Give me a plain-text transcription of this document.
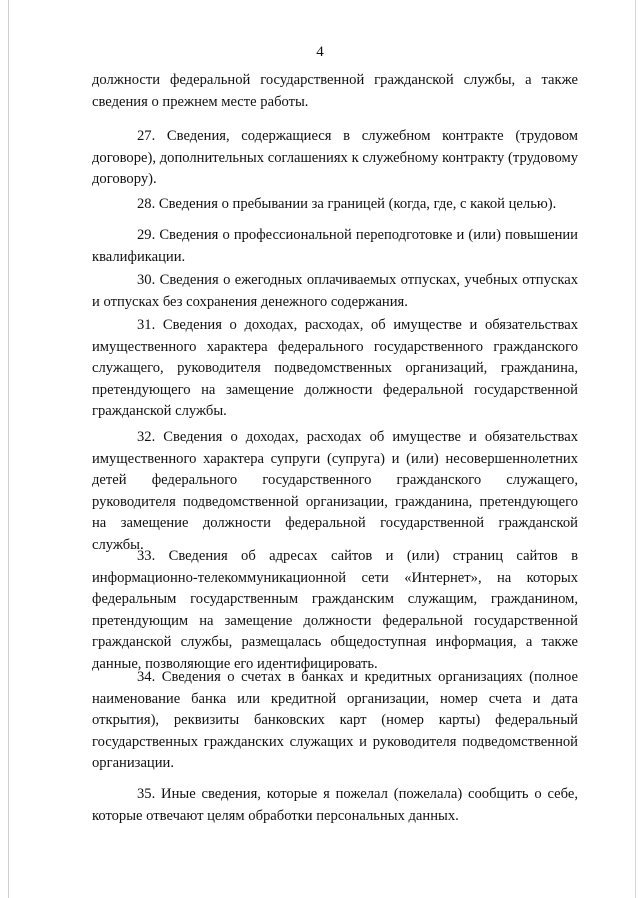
4

должности федеральной государственной гражданской службы, а также сведения о прежнем месте работы.

27. Сведения, содержащиеся в служебном контракте (трудовом договоре), дополнительных соглашениях к служебному контракту (трудовому договору).

28. Сведения о пребывании за границей (когда, где, с какой целью).

29. Сведения о профессиональной переподготовке и (или) повышении квалификации.

30. Сведения о ежегодных оплачиваемых отпусках, учебных отпусках и отпусках без сохранения денежного содержания.

31. Сведения о доходах, расходах, об имуществе и обязательствах имущественного характера федерального государственного гражданского служащего, руководителя подведомственных организаций, гражданина, претендующего на замещение должности федеральной государственной гражданской службы.

32. Сведения о доходах, расходах об имуществе и обязательствах имущественного характера супруги (супруга) и (или) несовершеннолетних детей федерального государственного гражданского служащего, руководителя подведомственной организации, гражданина, претендующего на замещение должности федеральной государственной гражданской службы.

33. Сведения об адресах сайтов и (или) страниц сайтов в информационно-телекоммуникационной сети «Интернет», на которых федеральным государственным гражданским служащим, гражданином, претендующим на замещение должности федеральной государственной гражданской службы, размещалась общедоступная информация, а также данные, позволяющие его идентифицировать.

34. Сведения о счетах в банках и кредитных организациях (полное наименование банка или кредитной организации, номер счета и дата открытия), реквизиты банковских карт (номер карты) федеральный государственных гражданских служащих и руководителя подведомственной организации.

35. Иные сведения, которые я пожелал (пожелала) сообщить о себе, которые отвечают целям обработки персональных данных.
